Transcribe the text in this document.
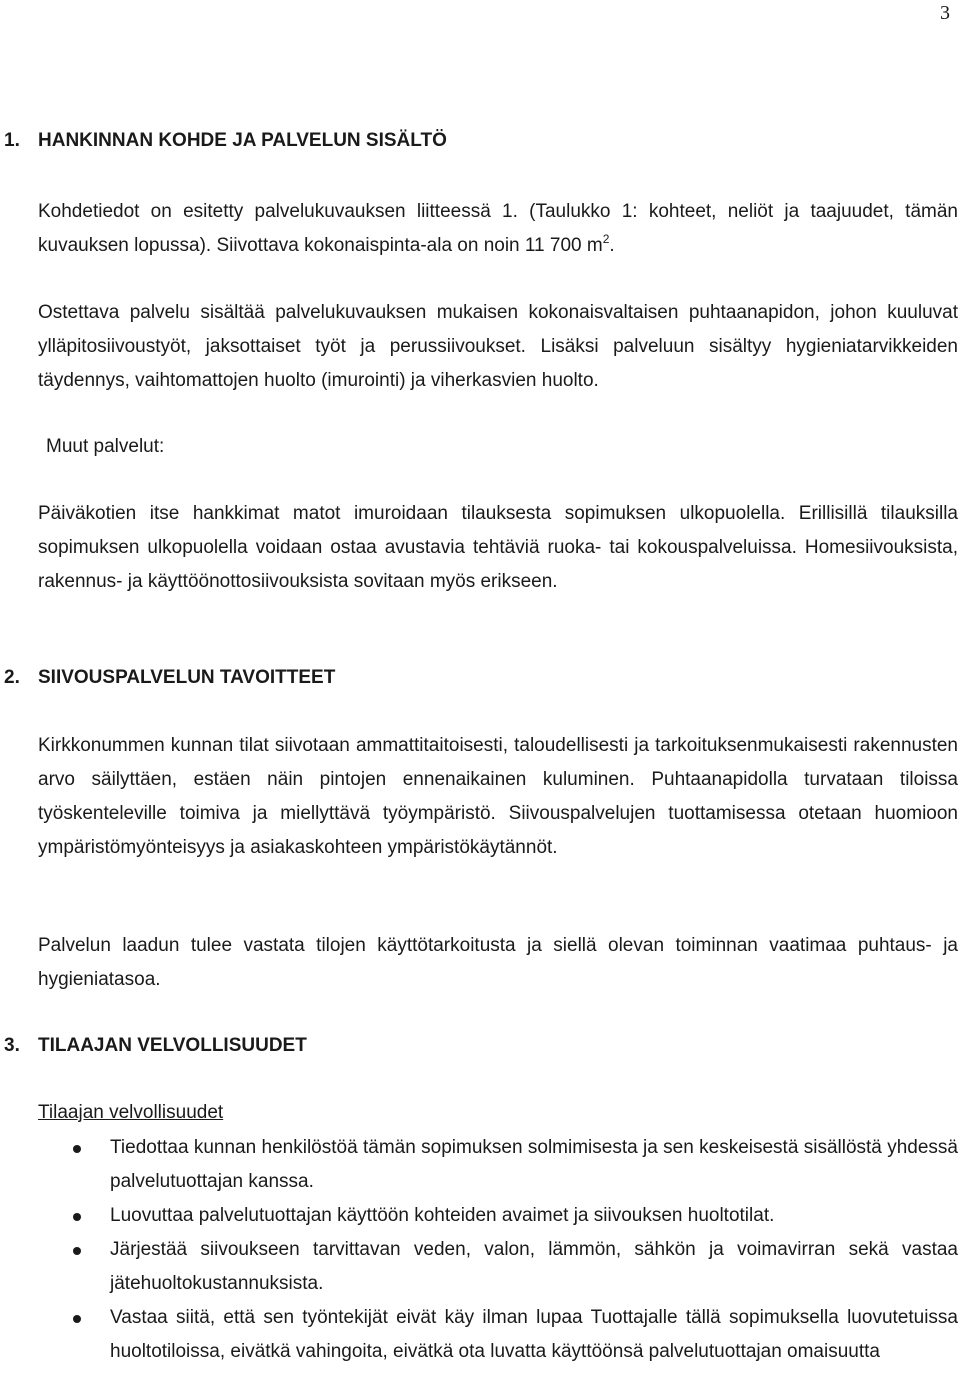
3
1. HANKINNAN KOHDE JA PALVELUN SISÄLTÖ

Kohdetiedot on esitetty palvelukuvauksen liitteessä 1. (Taulukko 1: kohteet, neliöt ja taajuudet, tämän kuvauksen lopussa). Siivottava kokonaispinta-ala on noin 11 700 $m^2$.

Ostettava palvelu sisältää palvelukuvauksen mukaisen kokonaisvaltaisen puhtaanapidon, johon kuuluvat ylläpitosiivoustyöt, jaksottaiset työt ja perussiivoukset. Lisäksi palveluun sisältyy hygieniatarvikkeiden täydennys, vaihtomattojen huolto (imurointi) ja viherkasvien huolto.

Muut palvelut:

Päiväkotien itse hankkimat matot imuroidaan tilauksesta sopimuksen ulkopuolella. Erillisillä tilauksilla sopimuksen ulkopuolella voidaan ostaa avustavia tehtäviä ruoka- tai kokouspalveluissa. Homesiivouksista, rakennus- ja käyttöönottosiivouksista sovitaan myös erikseen.

2. SIIVOUSPALVELUN TAVOITTEET

Kirkkonummen kunnan tilat siivotaan ammattitaitoisesti, taloudellisesti ja tarkoituksenmukaisesti rakennusten arvo säilyttäen, estäen näin pintojen ennenaikainen kuluminen. Puhtaanapidolla turvataan tiloissa työskenteleville toimiva ja miellyttävä työympäristö. Siivouspalvelujen tuottamisessa otetaan huomioon ympäristömyönteisyys ja asiakaskohteen ympäristökäytännöt.

Palvelun laadun tulee vastata tilojen käyttötarkoitusta ja siellä olevan toiminnan vaatimaa puhtaus- ja hygieniatasoa.

3. TILAAJAN VELVOLLISUUDET
Tilaajan velvollisuudet
Tiedottaa kunnan henkilöstöä tämän sopimuksen solmimisesta ja sen keskeisestä sisällöstä yhdessä palvelutuottajan kanssa.
Luovuttaa palvelutuottajan käyttöön kohteiden avaimet ja siivouksen huoltotilat.
Järjestää siivoukseen tarvittavan veden, valon, lämmön, sähkön ja voimavirran sekä vastaa jätehuoltokustannuksista.
Vastaa siitä, että sen työntekijät eivät käy ilman lupaa Tuottajalle tällä sopimuksella luovutetuissa huoltotiloissa, eivätkä vahingoita, eivätkä ota luvatta käyttöönsä palvelutuottajan omaisuutta
